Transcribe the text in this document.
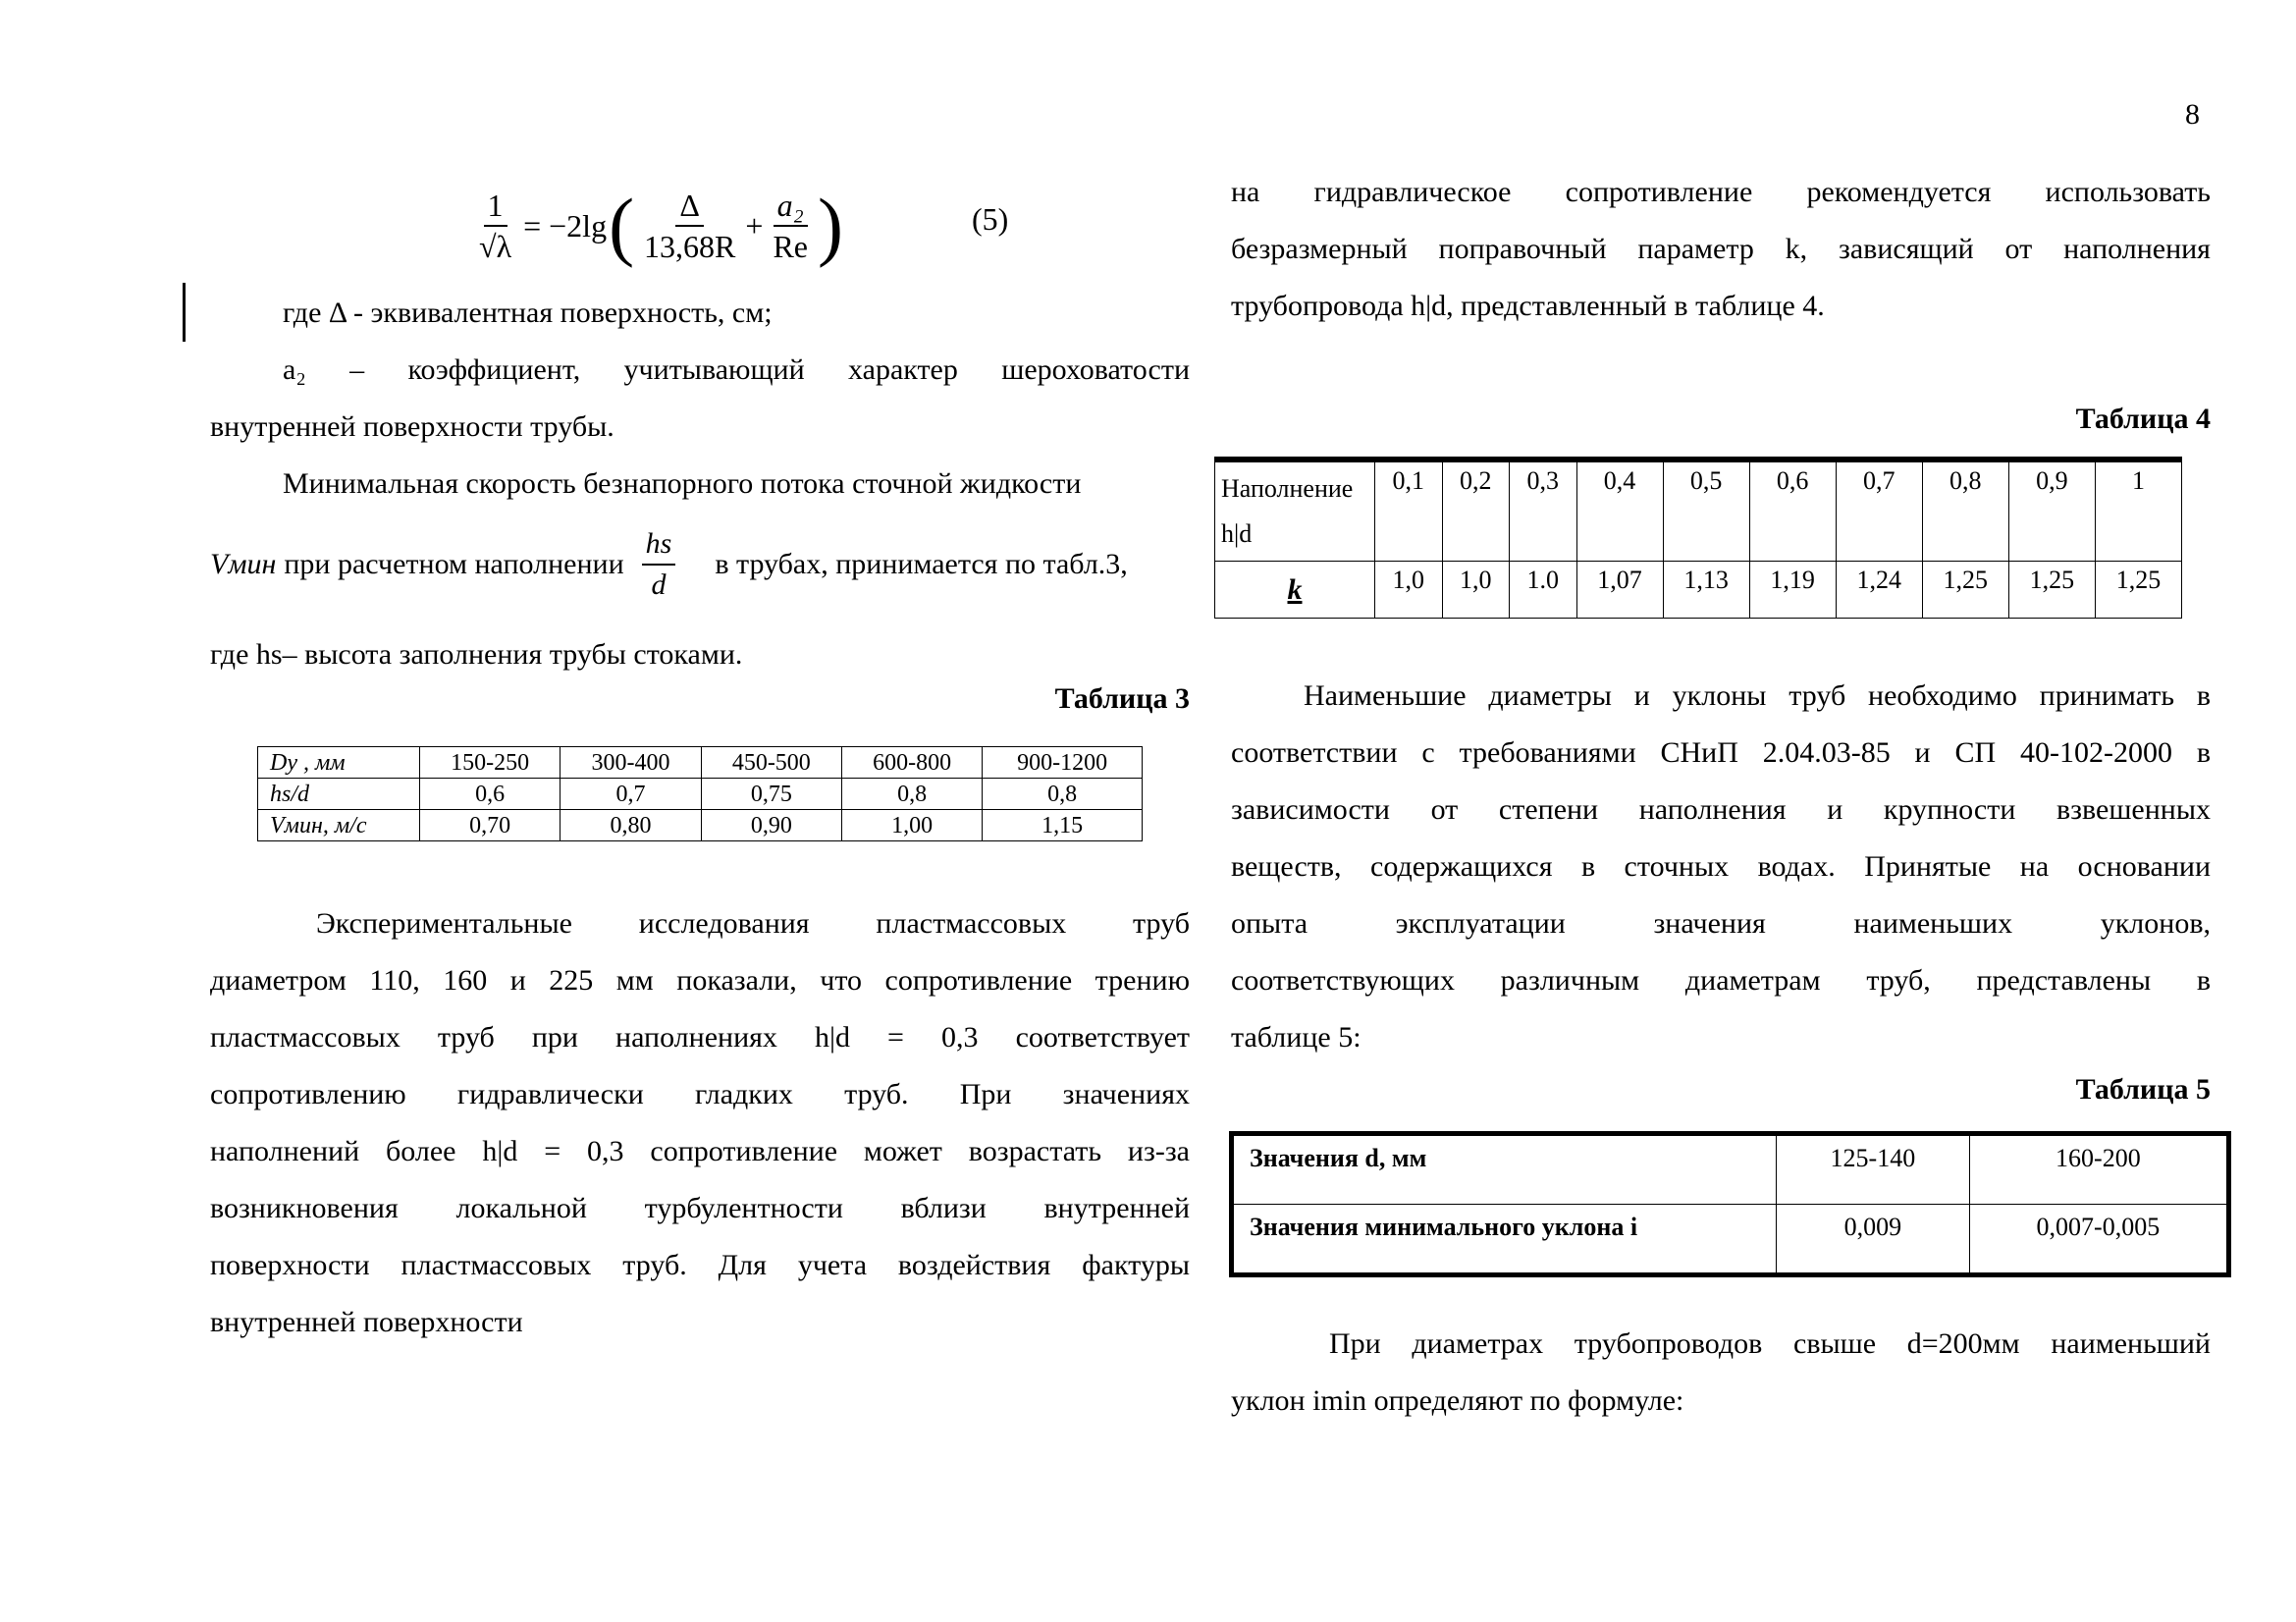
8
$\frac{1}{√\lambda} = -2\lg$ ( $\frac{\Delta}{13,68R} + \frac{\text{a₂}}{Re}$ )	(5)
где Δ - эквивалентная поверхность, см;
a₂ – коэффициент, учитывающий характер шероховатости
внутренней поверхности трубы.
Минимальная скорость безнапорного потока сточной жидкости
Vмин при расчетном наполнении $\frac{hs}{d}$ в трубах, принимается по табл.3,
где hs– высота заполнения трубы стоками.
Таблица 3
Dy , мм	150-250	300-400	450-500	600-800	900-1200
hs/d	0,6	0,7	0,75	0,8	0,8
Vмин, м/с	0,70	0,80	0,90	1,00	1,15
Экспериментальные исследования пластмассовых труб
диаметром 110, 160 и 225 мм показали, что сопротивление трению
пластмассовых труб при наполнениях h|d = 0,3 соответствует
сопротивлению гидравлически гладких труб. При значениях
наполнений более h|d = 0,3 сопротивление может возрастать из-за
возникновения локальной турбулентности вблизи внутренней
поверхности пластмассовых труб. Для учета воздействия фактуры
внутренней поверхности
на гидравлическое сопротивление рекомендуется использовать
безразмерный поправочный параметр k, зависящий от наполнения
трубопровода h|d, представленный в таблице 4.
Таблица 4
Наполнение h|d	0,1	0,2	0,3	0,4	0,5	0,6	0,7	0,8	0,9	1
k	1,0	1,0	1.0	1,07	1,13	1,19	1,24	1,25	1,25	1,25
Наименьшие диаметры и уклоны труб необходимо принимать в
соответствии с требованиями СНиП 2.04.03-85 и СП 40-102-2000 в
зависимости от степени наполнения и крупности взвешенных
веществ, содержащихся в сточных водах. Принятые на основании
опыта эксплуатации значения наименьших уклонов,
соответствующих различным диаметрам труб, представлены в
таблице 5:
Таблица 5
Значения d, мм	125-140	160-200
Значения минимального уклона i	0,009	0,007-0,005
При диаметрах трубопроводов свыше d=200мм наименьший
уклон imin определяют по формуле:
